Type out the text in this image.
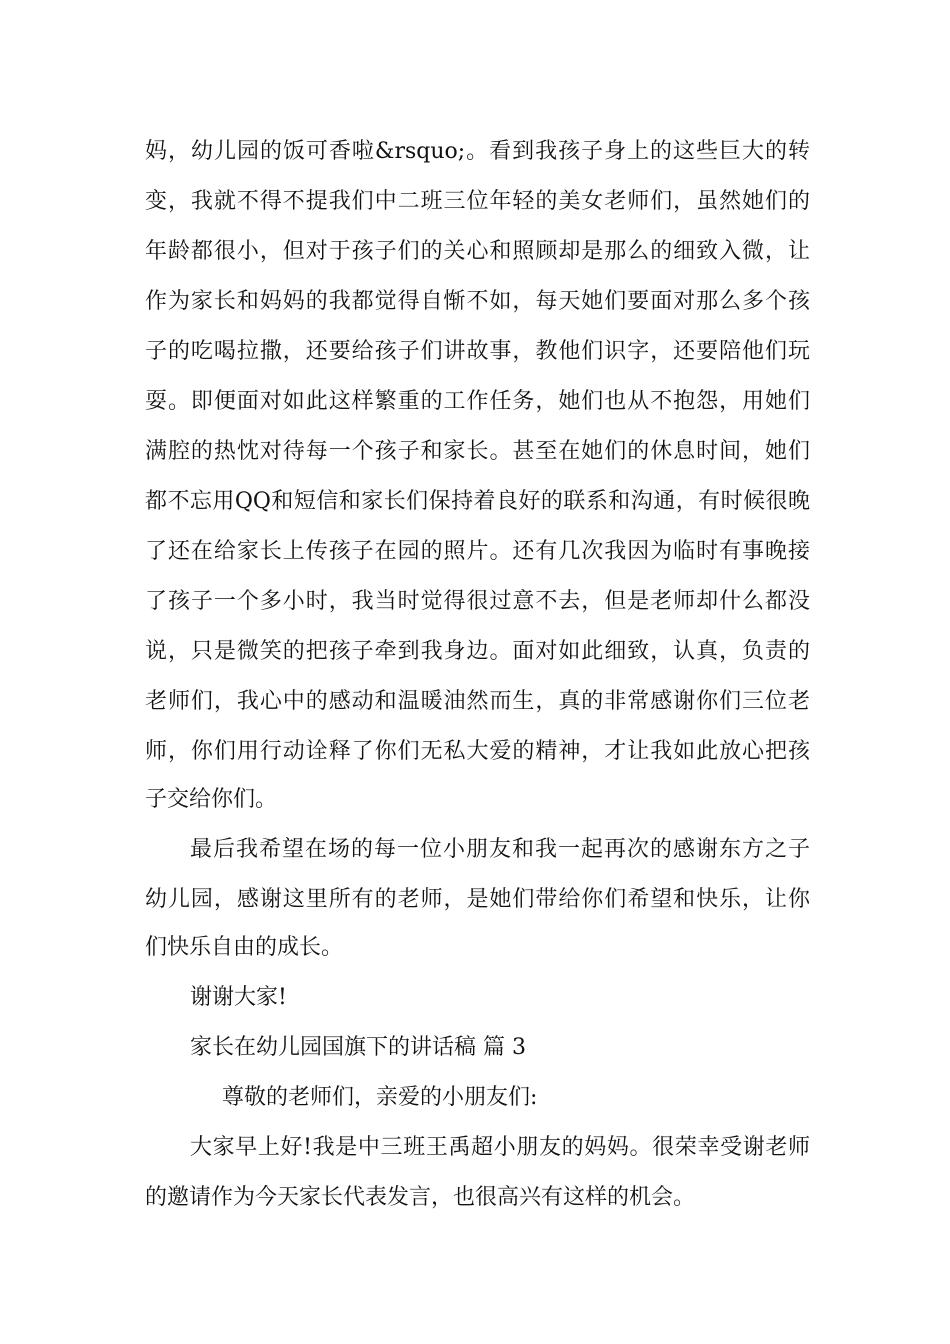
妈，幼儿园的饭可香啦&rsquo;。看到我孩子身上的这些巨大的转
变，我就不得不提我们中二班三位年轻的美女老师们，虽然她们的
年龄都很小，但对于孩子们的关心和照顾却是那么的细致入微，让
作为家长和妈妈的我都觉得自惭不如，每天她们要面对那么多个孩
子的吃喝拉撒，还要给孩子们讲故事，教他们识字，还要陪他们玩
耍。即便面对如此这样繁重的工作任务，她们也从不抱怨，用她们
满腔的热忱对待每一个孩子和家长。甚至在她们的休息时间，她们
都不忘用QQ和短信和家长们保持着良好的联系和沟通，有时候很晚
了还在给家长上传孩子在园的照片。还有几次我因为临时有事晚接
了孩子一个多小时，我当时觉得很过意不去，但是老师却什么都没
说，只是微笑的把孩子牵到我身边。面对如此细致，认真，负责的
老师们，我心中的感动和温暖油然而生，真的非常感谢你们三位老
师，你们用行动诠释了你们无私大爱的精神，才让我如此放心把孩
子交给你们。
最后我希望在场的每一位小朋友和我一起再次的感谢东方之子
幼儿园，感谢这里所有的老师，是她们带给你们希望和快乐，让你
们快乐自由的成长。
谢谢大家!
家长在幼儿园国旗下的讲话稿 篇 3
尊敬的老师们，亲爱的小朋友们:
大家早上好!我是中三班王禹超小朋友的妈妈。很荣幸受谢老师
的邀请作为今天家长代表发言，也很高兴有这样的机会。
